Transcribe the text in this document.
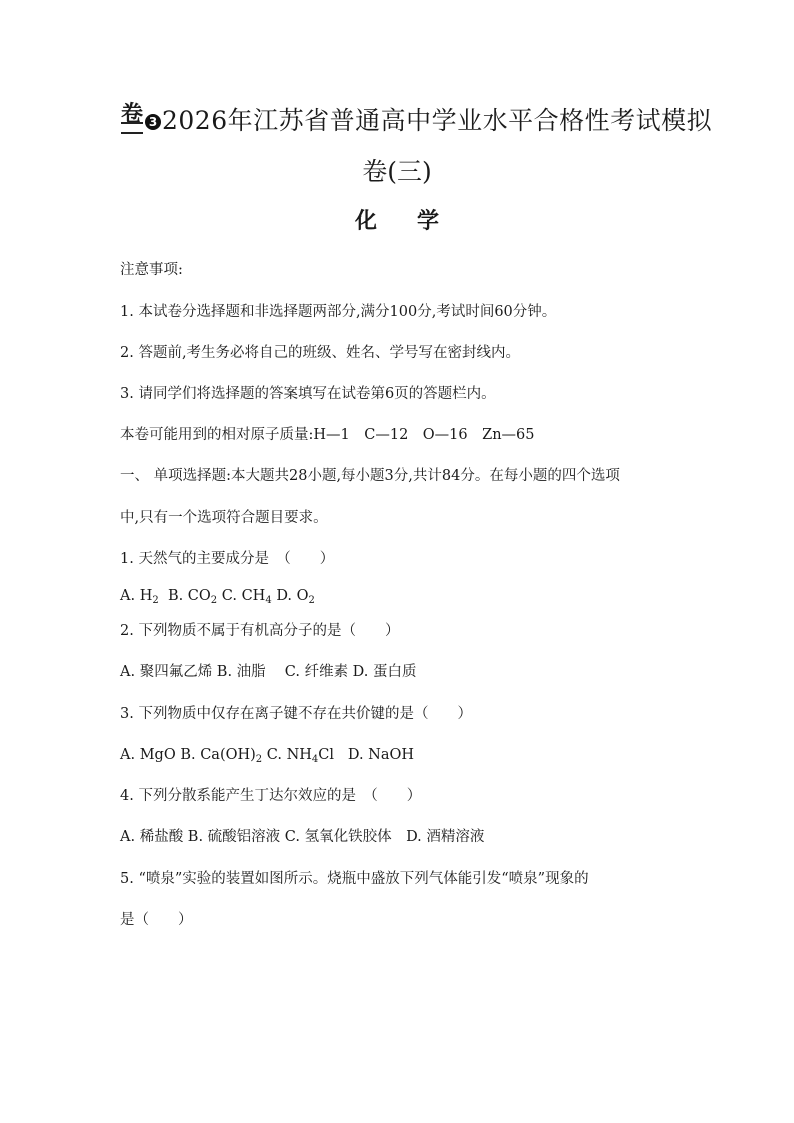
卷 3 2026年江苏省普通高中学业水平合格性考试模拟
卷(三)
化学
注意事项:
1. 本试卷分选择题和非选择题两部分,满分100分,考试时间60分钟。
2. 答题前,考生务必将自己的班级、姓名、学号写在密封线内。
3. 请同学们将选择题的答案填写在试卷第6页的答题栏内。
本卷可能用到的相对原子质量:H—1　C—12　O—16　Zn—65
一、 单项选择题:本大题共28小题,每小题3分,共计84分。在每小题的四个选项
中,只有一个选项符合题目要求。
1. 天然气的主要成分是　（　　）
A. $H_2$ B. $CO_2$ C. $CH_4$ D. $O_2$
2. 下列物质不属于有机高分子的是（　　）
A. 聚四氟乙烯 B. 油脂　 C. 纤维素 D. 蛋白质
3. 下列物质中仅存在离子键不存在共价键的是（　　）
A. MgO B. $Ca(OH)_2$ C. $NH_4Cl$ D. NaOH
4. 下列分散系能产生丁达尔效应的是　（　　）
A. 稀盐酸 B. 硫酸铝溶液 C. 氢氧化铁胶体　D. 酒精溶液
5. “喷泉”实验的装置如图所示。烧瓶中盛放下列气体能引发“喷泉”现象的
是（　　）
